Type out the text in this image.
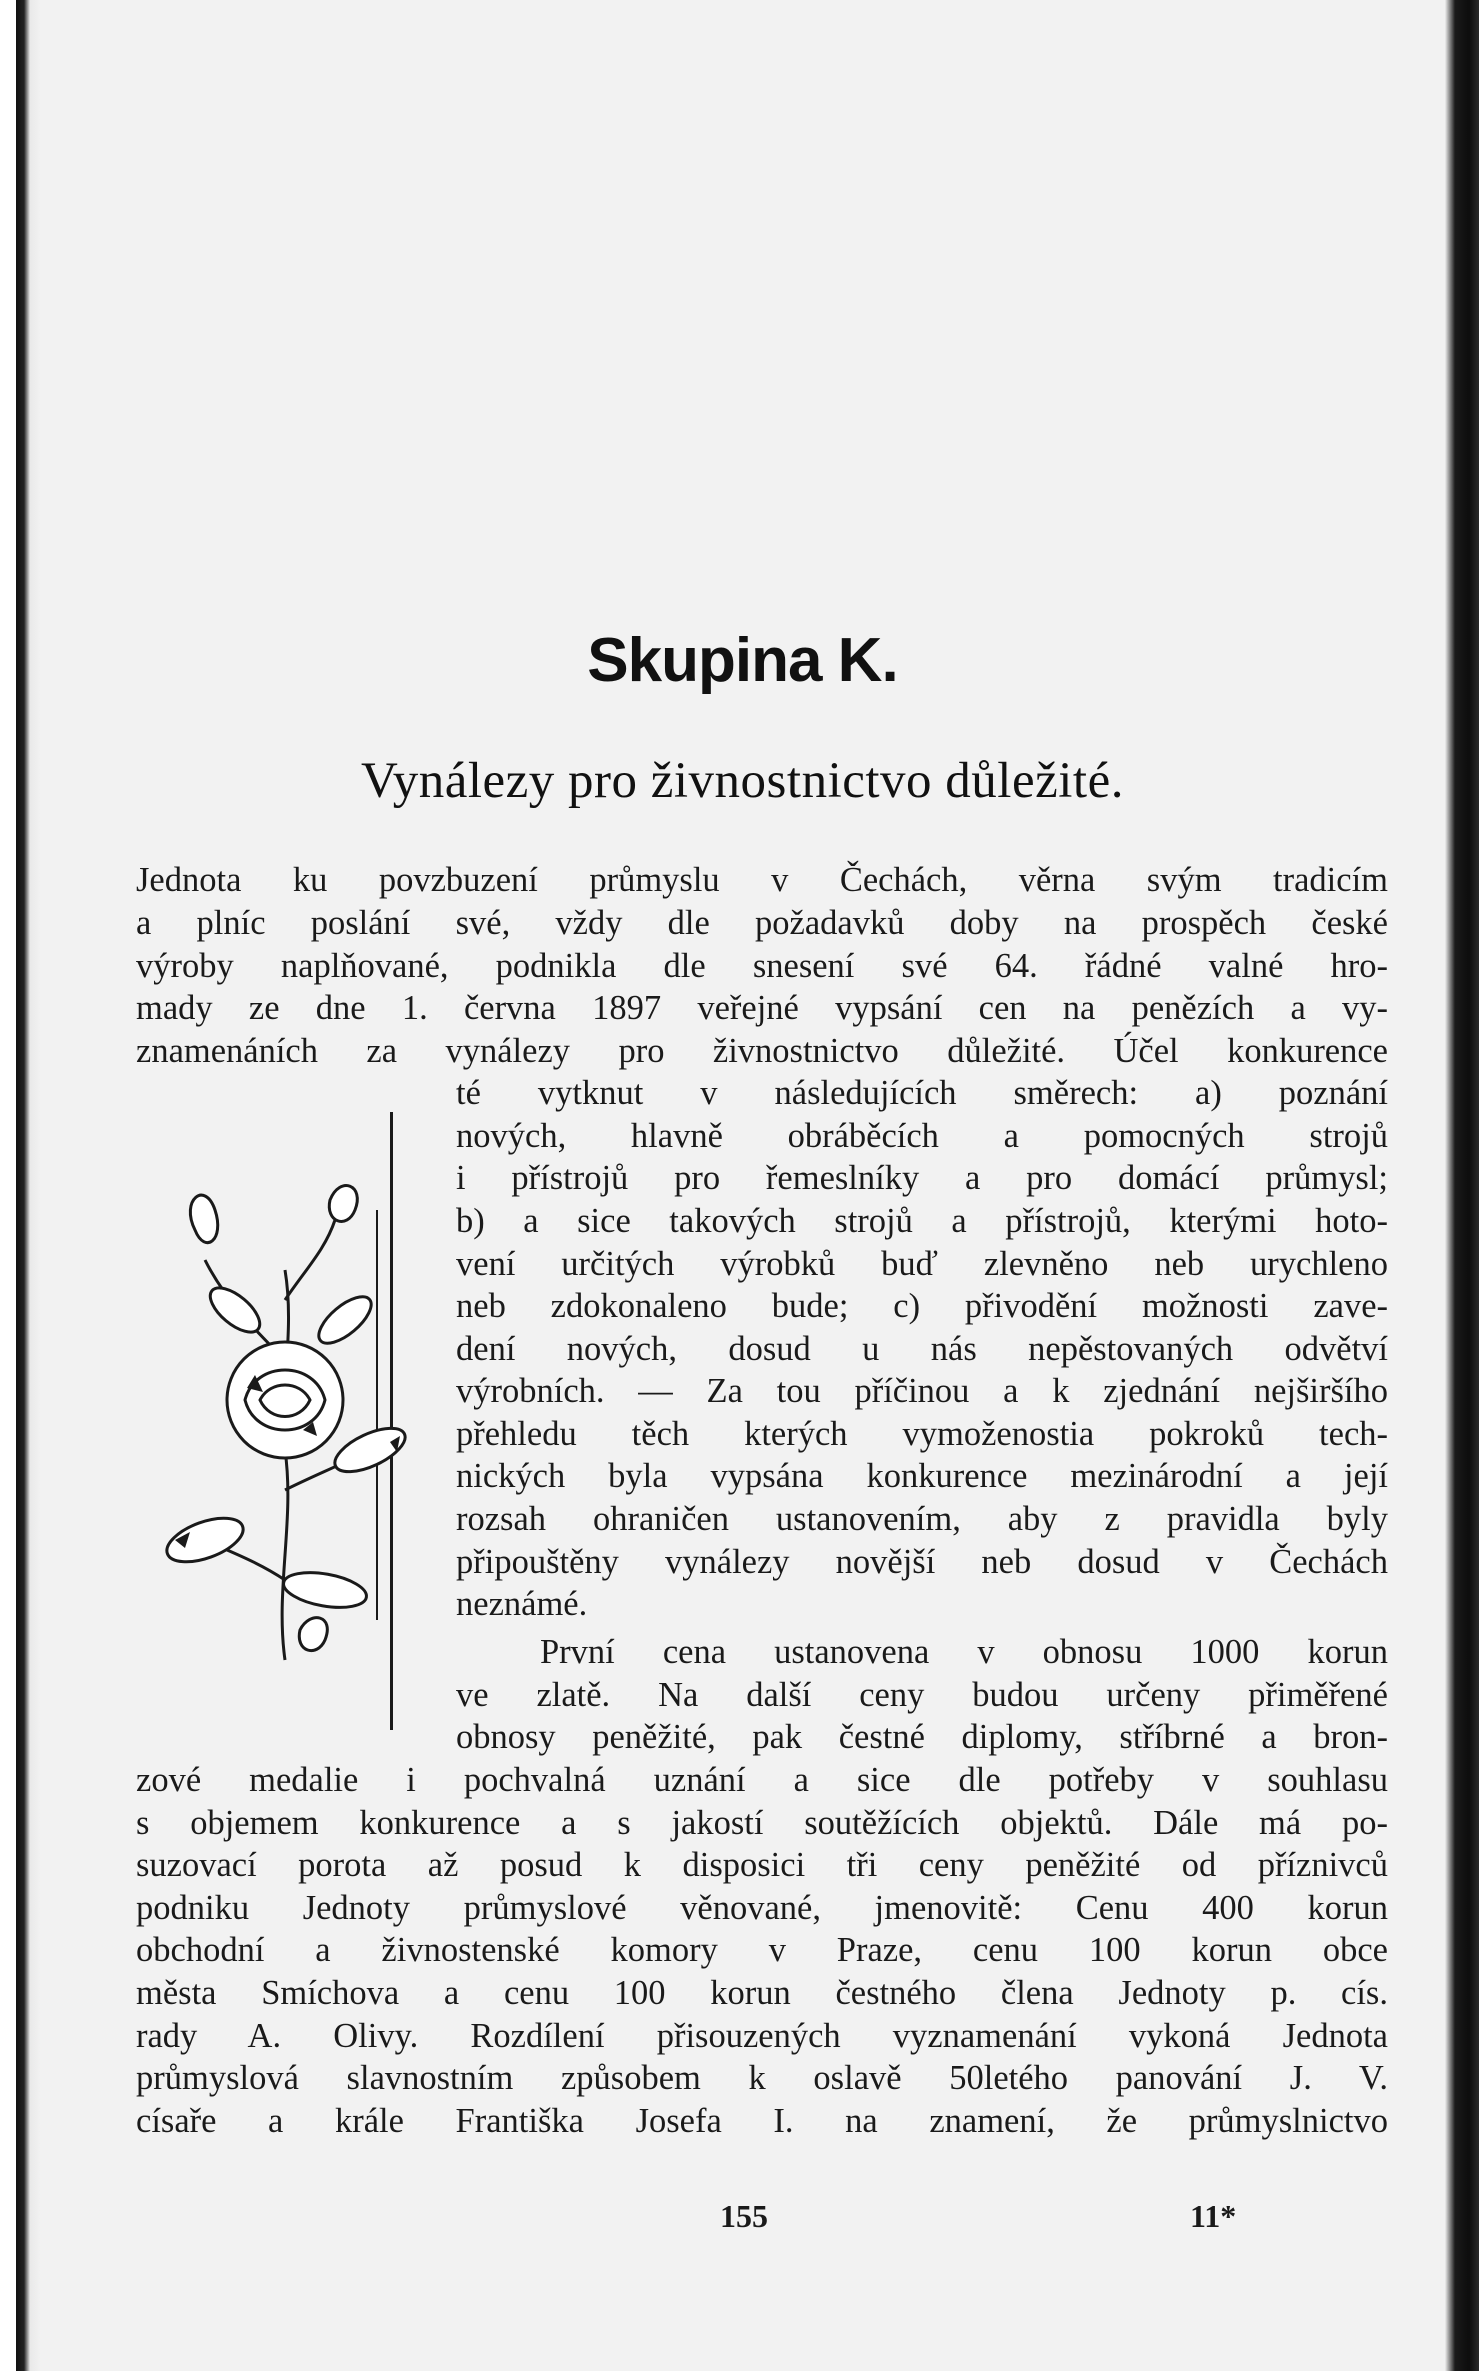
Skupina K.
Vynálezy pro živnostnictvo důležité.
Jednota ku povzbuzení průmyslu v Čechách, věrna svým tradicím
a plníc poslání své, vždy dle požadavků doby na prospěch české
výroby naplňované, podnikla dle snesení své 64. řádné valné hro-
mady ze dne 1. června 1897 veřejné vypsání cen na penězích a vy-
znamenáních za vynálezy pro živnostnictvo důležité. Účel konkurence
té vytknut v následujících směrech: a) poznání
nových, hlavně obráběcích a pomocných strojů
i přístrojů pro řemeslníky a pro domácí průmysl;
b) a sice takových strojů a přístrojů, kterými hoto-
vení určitých výrobků buď zlevněno neb urychleno
neb zdokonaleno bude; c) přivodění možnosti zave-
dení nových, dosud u nás nepěstovaných odvětví
výrobních. — Za tou příčinou a k zjednání nejširšího
přehledu těch kterých vymoženostia pokroků tech-
nických byla vypsána konkurence mezinárodní a její
rozsah ohraničen ustanovením, aby z pravidla byly
připouštěny vynálezy novější neb dosud v Čechách
neznámé.
První cena ustanovena v obnosu 1000 korun
ve zlatě. Na další ceny budou určeny přiměřené
obnosy peněžité, pak čestné diplomy, stříbrné a bron-
zové medalie i pochvalná uznání a sice dle potřeby v souhlasu
s objemem konkurence a s jakostí soutěžících objektů. Dále má po-
suzovací porota až posud k disposici tři ceny peněžité od příznivců
podniku Jednoty průmyslové věnované, jmenovitě: Cenu 400 korun
obchodní a živnostenské komory v Praze, cenu 100 korun obce
města Smíchova a cenu 100 korun čestného člena Jednoty p. cís.
rady A. Olivy. Rozdílení přisouzených vyznamenání vykoná Jednota
průmyslová slavnostním způsobem k oslavě 50letého panování J. V.
císaře a krále Františka Josefa I. na znamení, že průmyslnictvo
155	11*
